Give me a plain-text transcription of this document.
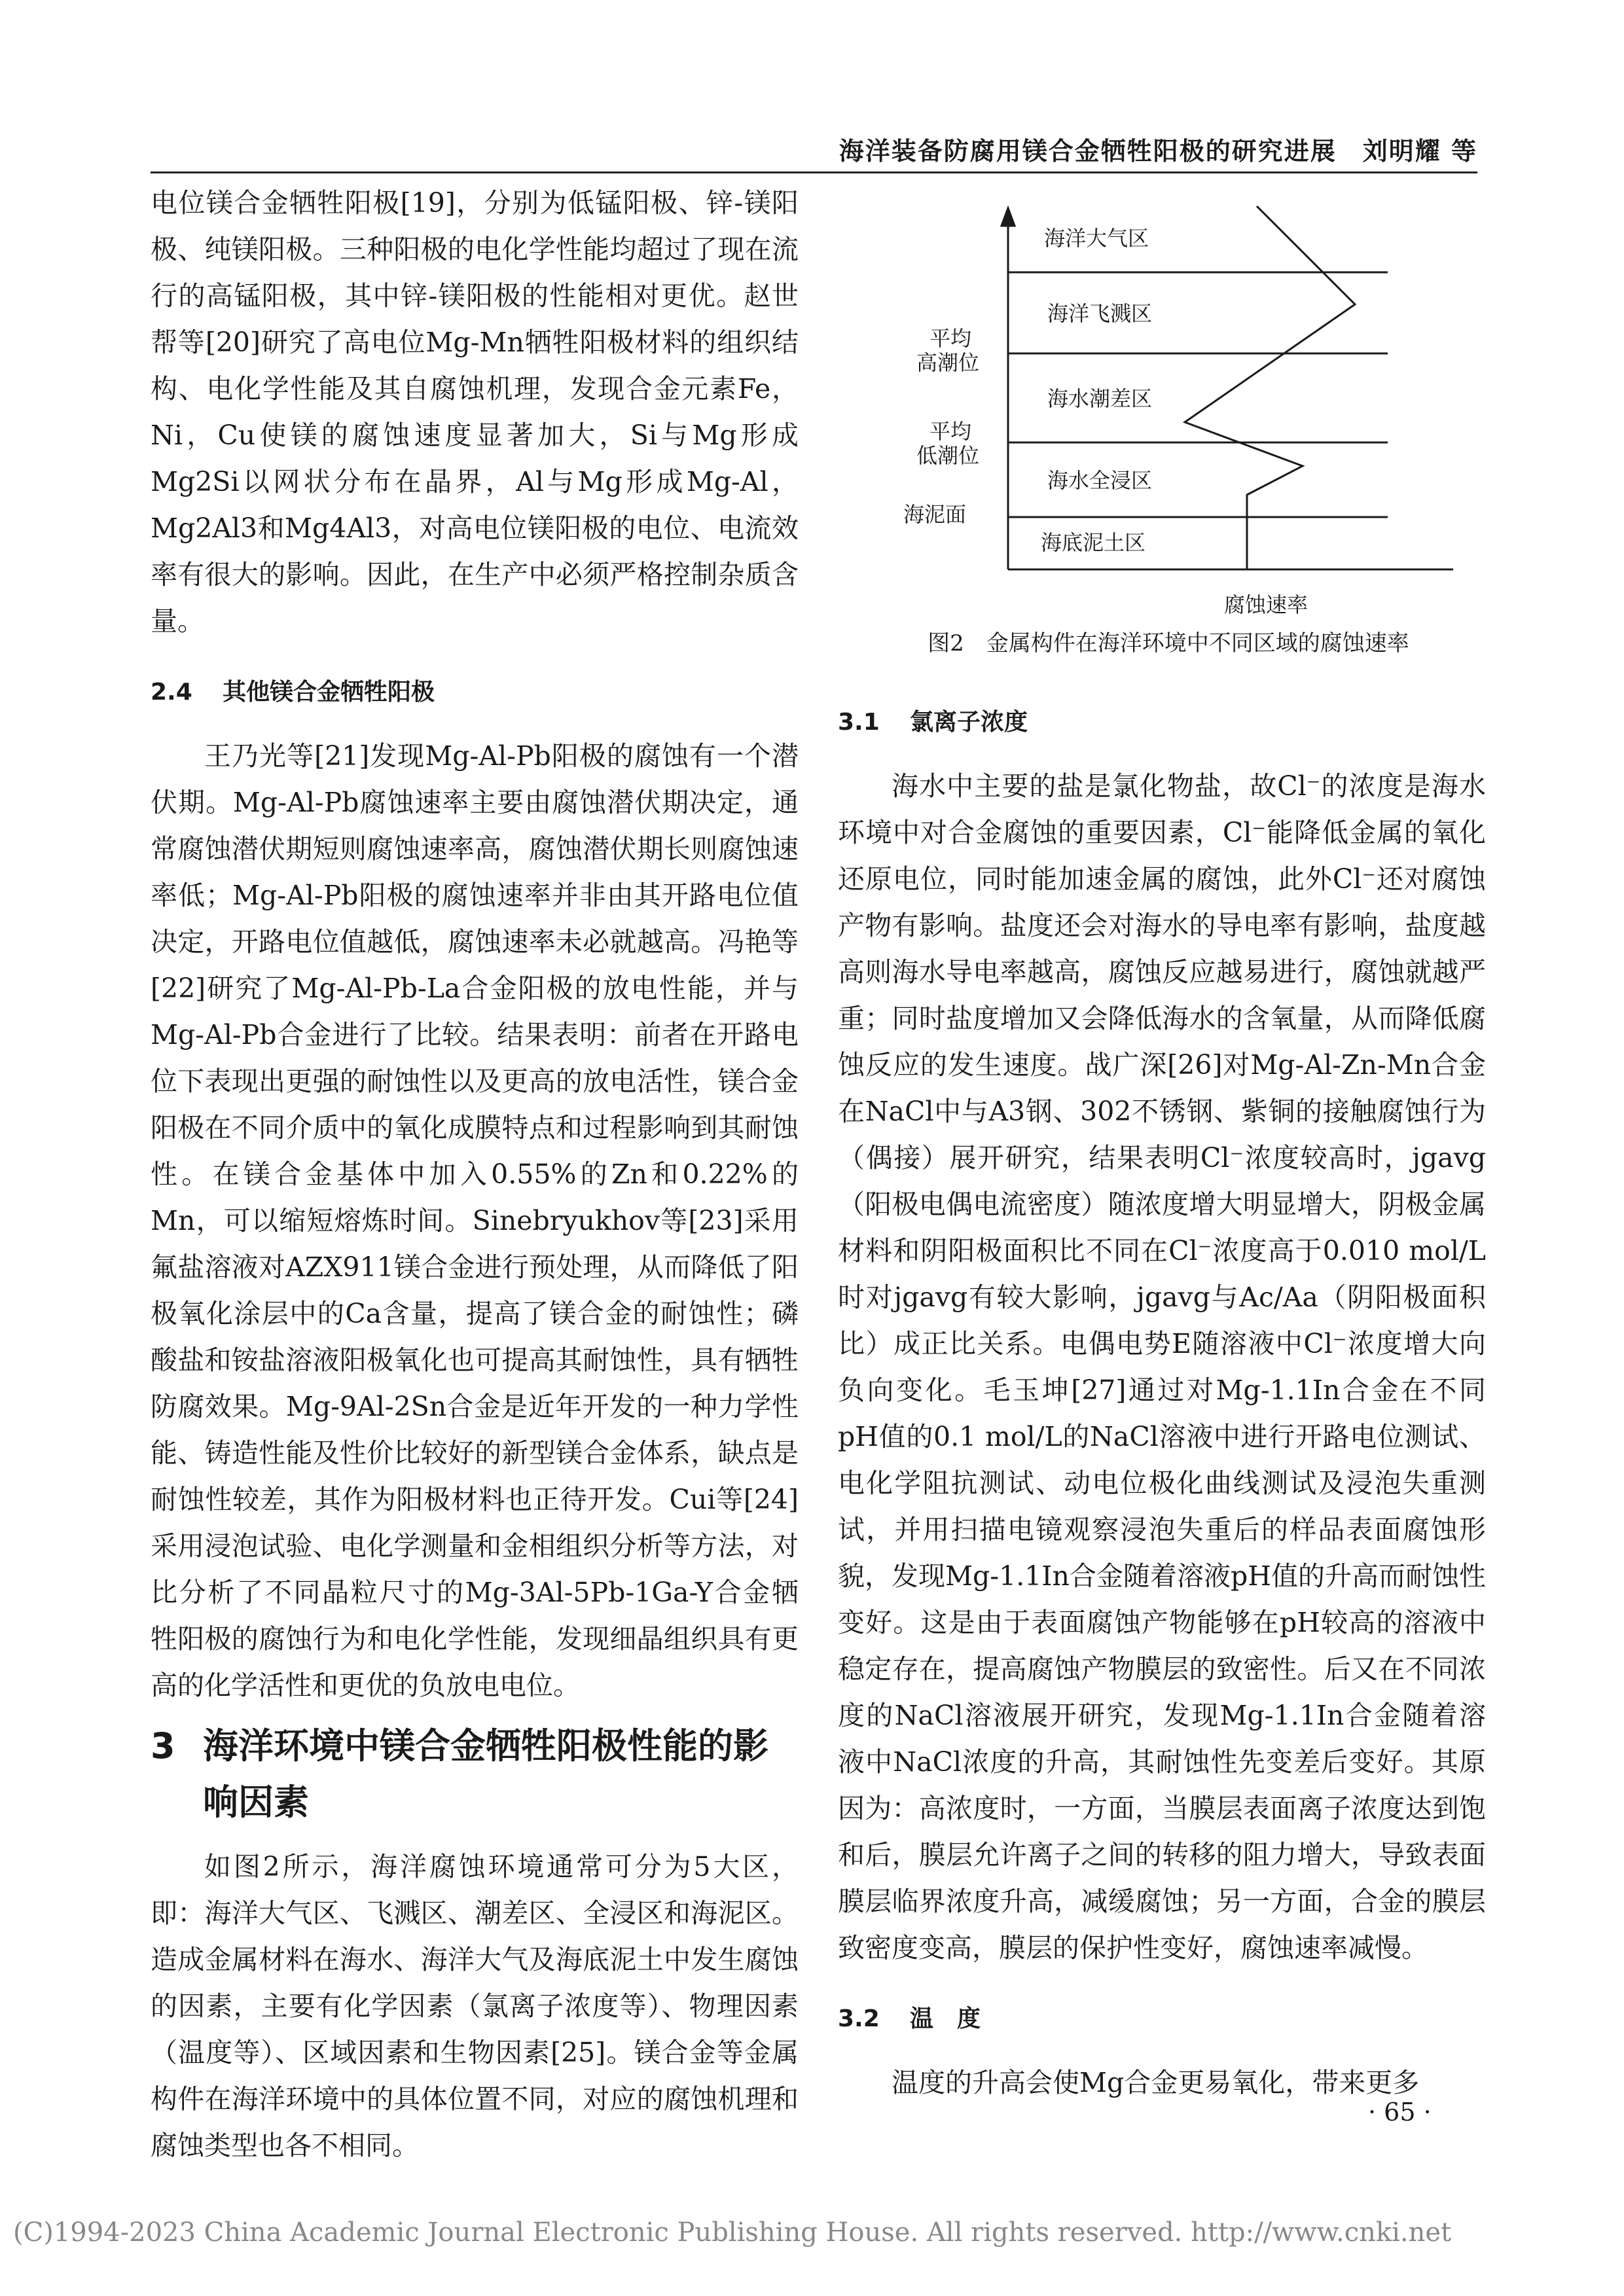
海洋装备防腐用镁合金牺牲阳极的研究进展　刘明耀 等

电位镁合金牺牲阳极[19]，分别为低锰阳极、锌-镁阳极、纯镁阳极。三种阳极的电化学性能均超过了现在流行的高锰阳极，其中锌-镁阳极的性能相对更优。赵世帮等[20]研究了高电位Mg-Mn牺牲阳极材料的组织结构、电化学性能及其自腐蚀机理，发现合金元素Fe，Ni，Cu使镁的腐蚀速度显著加大，Si与Mg形成Mg2Si以网状分布在晶界，Al与Mg形成Mg-Al，Mg2Al3和Mg4Al3，对高电位镁阳极的电位、电流效率有很大的影响。因此，在生产中必须严格控制杂质含量。

2.4 其他镁合金牺牲阳极

王乃光等[21]发现Mg-Al-Pb阳极的腐蚀有一个潜伏期。Mg-Al-Pb腐蚀速率主要由腐蚀潜伏期决定，通常腐蚀潜伏期短则腐蚀速率高，腐蚀潜伏期长则腐蚀速率低；Mg-Al-Pb阳极的腐蚀速率并非由其开路电位值决定，开路电位值越低，腐蚀速率未必就越高。冯艳等[22]研究了Mg-Al-Pb-La合金阳极的放电性能，并与Mg-Al-Pb合金进行了比较。结果表明：前者在开路电位下表现出更强的耐蚀性以及更高的放电活性，镁合金阳极在不同介质中的氧化成膜特点和过程影响到其耐蚀性。在镁合金基体中加入0.55%的Zn和0.22%的Mn，可以缩短熔炼时间。Sinebryukhov等[23]采用氟盐溶液对AZX911镁合金进行预处理，从而降低了阳极氧化涂层中的Ca含量，提高了镁合金的耐蚀性；磷酸盐和铵盐溶液阳极氧化也可提高其耐蚀性，具有牺牲防腐效果。Mg-9Al-2Sn合金是近年开发的一种力学性能、铸造性能及性价比较好的新型镁合金体系，缺点是耐蚀性较差，其作为阳极材料也正待开发。Cui等[24]采用浸泡试验、电化学测量和金相组织分析等方法，对比分析了不同晶粒尺寸的Mg-3Al-5Pb-1Ga-Y合金牺牲阳极的腐蚀行为和电化学性能，发现细晶组织具有更高的化学活性和更优的负放电电位。

3 海洋环境中镁合金牺牲阳极性能的影响因素

如图2所示，海洋腐蚀环境通常可分为5大区，即：海洋大气区、飞溅区、潮差区、全浸区和海泥区。造成金属材料在海水、海洋大气及海底泥土中发生腐蚀的因素，主要有化学因素（氯离子浓度等）、物理因素（温度等）、区域因素和生物因素[25]。镁合金等金属构件在海洋环境中的具体位置不同，对应的腐蚀机理和腐蚀类型也各不相同。

海洋大气区
海洋飞溅区
海水潮差区
海水全浸区
海底泥土区
平均
高潮位
平均
低潮位
海泥面
腐蚀速率
图2　金属构件在海洋环境中不同区域的腐蚀速率
3.1 氯离子浓度

海水中主要的盐是氯化物盐，故Cl⁻的浓度是海水环境中对合金腐蚀的重要因素，Cl⁻能降低金属的氧化还原电位，同时能加速金属的腐蚀，此外Cl⁻还对腐蚀产物有影响。盐度还会对海水的导电率有影响，盐度越高则海水导电率越高，腐蚀反应越易进行，腐蚀就越严重；同时盐度增加又会降低海水的含氧量，从而降低腐蚀反应的发生速度。战广深[26]对Mg-Al-Zn-Mn合金在NaCl中与A3钢、302不锈钢、紫铜的接触腐蚀行为（偶接）展开研究，结果表明Cl⁻浓度较高时，jgavg（阳极电偶电流密度）随浓度增大明显增大，阴极金属材料和阴阳极面积比不同在Cl⁻浓度高于0.010 mol/L时对jgavg有较大影响，jgavg与Ac/Aa（阴阳极面积比）成正比关系。电偶电势E随溶液中Cl⁻浓度增大向负向变化。毛玉坤[27]通过对Mg-1.1In合金在不同pH值的0.1 mol/L的NaCl溶液中进行开路电位测试、电化学阻抗测试、动电位极化曲线测试及浸泡失重测试，并用扫描电镜观察浸泡失重后的样品表面腐蚀形貌，发现Mg-1.1In合金随着溶液pH值的升高而耐蚀性变好。这是由于表面腐蚀产物能够在pH较高的溶液中稳定存在，提高腐蚀产物膜层的致密性。后又在不同浓度的NaCl溶液展开研究，发现Mg-1.1In合金随着溶液中NaCl浓度的升高，其耐蚀性先变差后变好。其原因为：高浓度时，一方面，当膜层表面离子浓度达到饱和后，膜层允许离子之间的转移的阻力增大，导致表面膜层临界浓度升高，减缓腐蚀；另一方面，合金的膜层致密度变高，膜层的保护性变好，腐蚀速率减慢。

3.2 温　度

温度的升高会使Mg合金更易氧化，带来更多

· 65 ·
(C)1994-2023 China Academic Journal Electronic Publishing House. All rights reserved. http://www.cnki.net
